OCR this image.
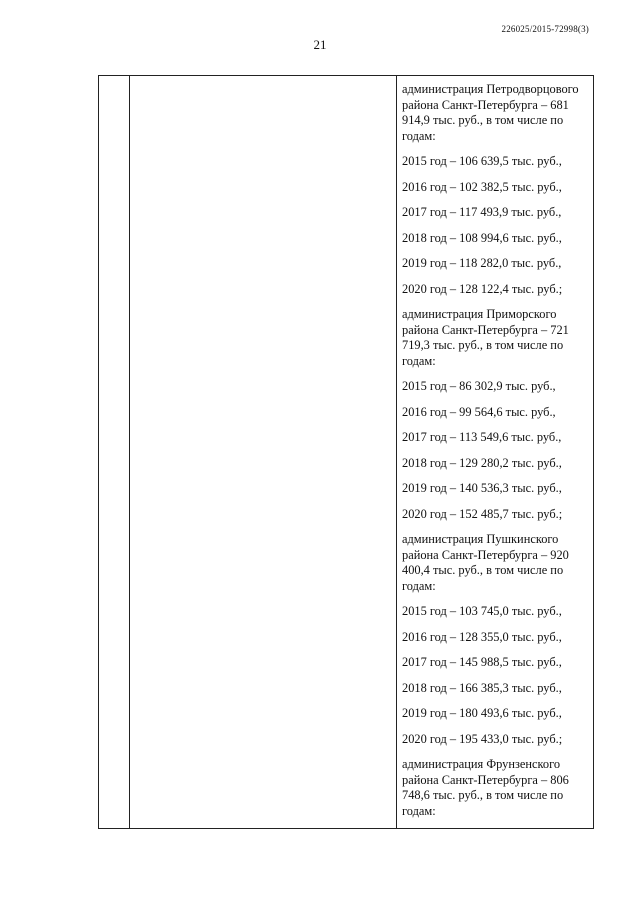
226025/2015-72998(3)
21

администрация Петродворцового района Санкт-Петербурга – 681 914,9 тыс. руб., в том числе по годам:

2015 год – 106 639,5 тыс. руб.,

2016 год – 102 382,5 тыс. руб.,

2017 год – 117 493,9 тыс. руб.,

2018 год – 108 994,6 тыс. руб.,

2019 год – 118 282,0 тыс. руб.,

2020 год – 128 122,4 тыс. руб.;

администрация Приморского района Санкт-Петербурга – 721 719,3 тыс. руб., в том числе по годам:

2015 год – 86 302,9 тыс. руб.,

2016 год – 99 564,6 тыс. руб.,

2017 год – 113 549,6 тыс. руб.,

2018 год – 129 280,2 тыс. руб.,

2019 год – 140 536,3 тыс. руб.,

2020 год – 152 485,7 тыс. руб.;

администрация Пушкинского района Санкт-Петербурга – 920 400,4 тыс. руб., в том числе по годам:

2015 год – 103 745,0 тыс. руб.,

2016 год – 128 355,0 тыс. руб.,

2017 год – 145 988,5 тыс. руб.,

2018 год – 166 385,3 тыс. руб.,

2019 год – 180 493,6 тыс. руб.,

2020 год – 195 433,0 тыс. руб.;

администрация Фрунзенского района Санкт-Петербурга – 806 748,6 тыс. руб., в том числе по годам:
